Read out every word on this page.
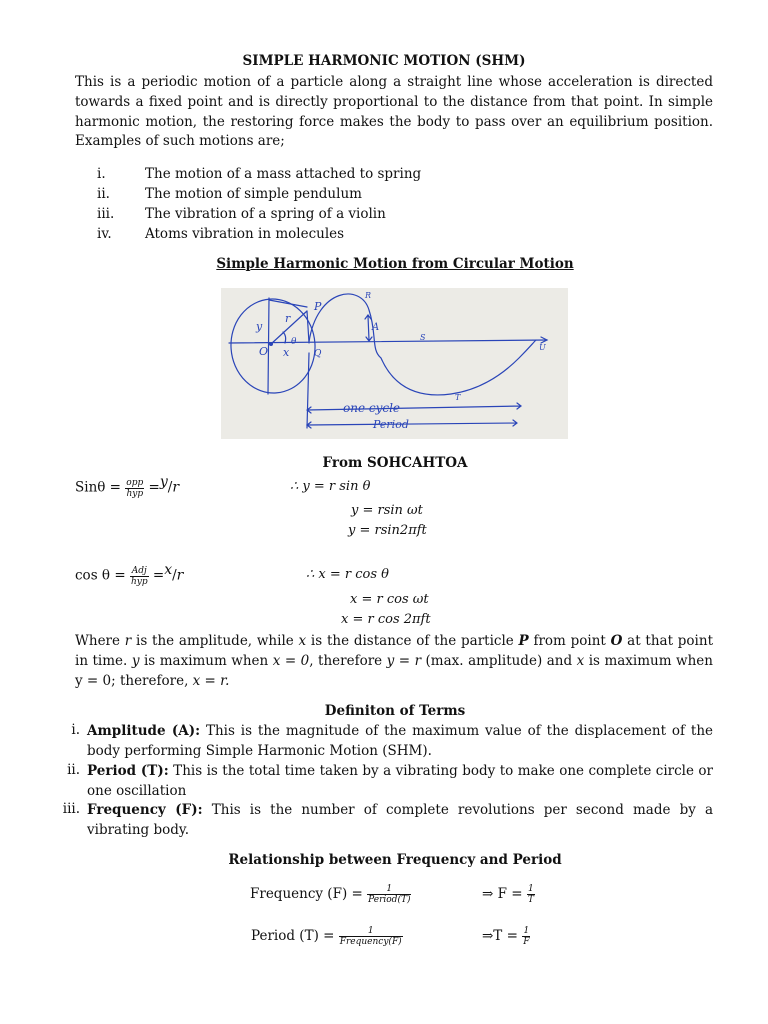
SIMPLE HARMONIC MOTION (SHM)
This is a periodic motion of a particle along a straight line whose acceleration is directed towards a fixed point and is directly proportional to the distance from that point. In simple harmonic motion, the restoring force makes the body to pass over an equilibrium position. Examples of such motions are;
i.	The motion of a mass attached to spring
ii.	The motion of simple pendulum
iii. The vibration of a spring of a violin
iv. Atoms vibration in molecules
Simple Harmonic Motion from Circular Motion
y
r
P
θ
O x	Q
R
A
S
T
U
one cycle
Period
From SOHCAHTOA
$Sin\theta = \frac{\text{opp}}{\text{hyp}} =^y/r$	∴ y = r sin θ
y = rsin ωt
y = rsin2πft
$\cos \theta = \frac{\text{Adj}}{\text{hyp}} =^x/r$	∴ x = r cos θ
x = r cos ωt
x = r cos 2πft
Where r is the amplitude, while x is the distance of the particle P from point O at that point in time. y is maximum when x = 0, therefore y = r (max. amplitude) and x is maximum when y = 0; therefore, x = r.
Definiton of Terms
i. Amplitude (A): This is the magnitude of the maximum value of the displacement of the body performing Simple Harmonic Motion (SHM).
ii. Period (T): This is the total time taken by a vibrating body to make one complete circle or one oscillation
iii. Frequency (F): This is the number of complete revolutions per second made by a vibrating body.
Relationship between Frequency and Period
Frequency $(F) = \frac{1}{\text{Period(T)}}$	⇒ $F = \frac{1}{T}$
Period $(T) = \frac{1}{\text{Frequency(F)}}$	⇒T = $\frac{1}{F}$
